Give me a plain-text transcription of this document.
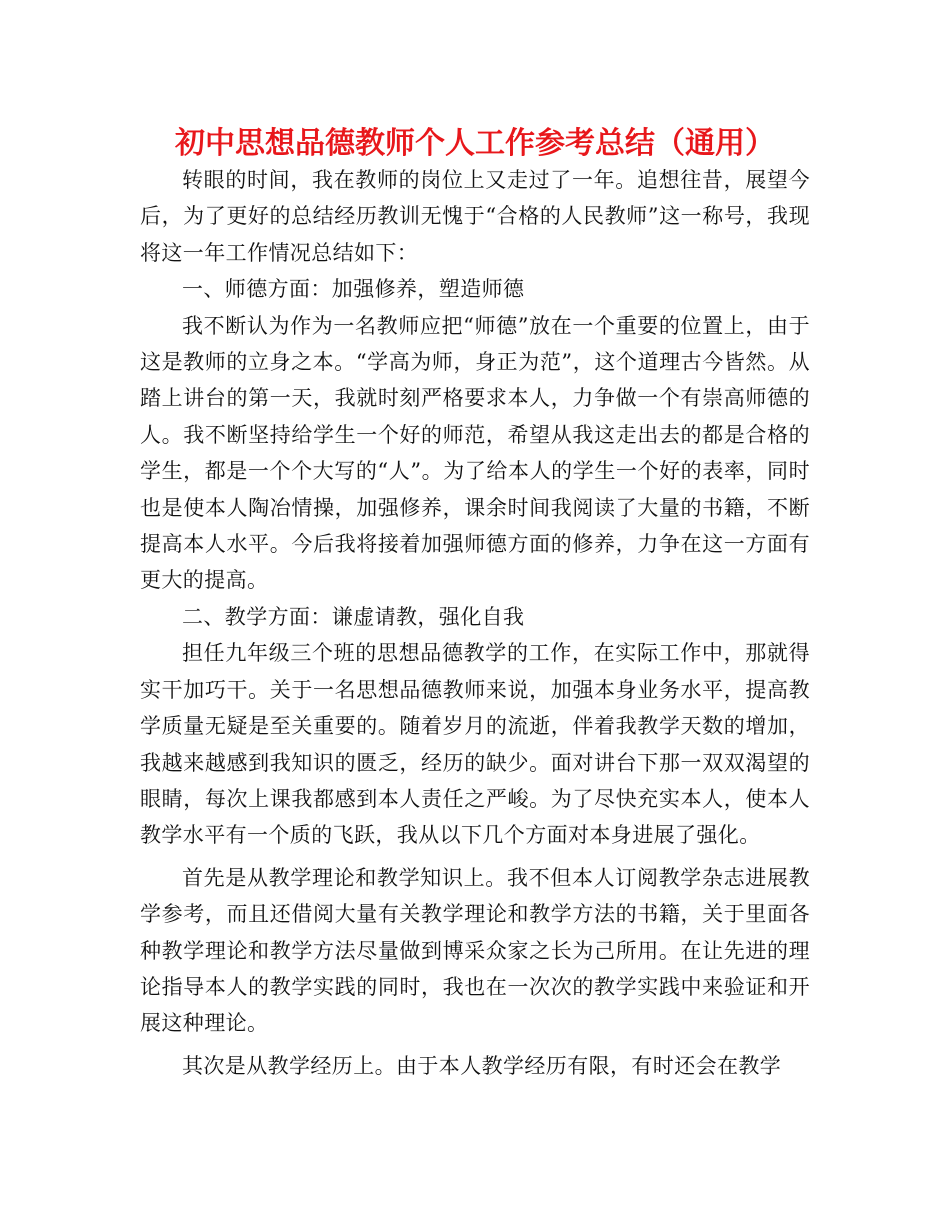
初中思想品德教师个人工作参考总结（通用）

转眼的时间，我在教师的岗位上又走过了一年。追想往昔，展望今后，为了更好的总结经历教训无愧于“合格的人民教师”这一称号，我现将这一年工作情况总结如下：

一、师德方面：加强修养，塑造师德

我不断认为作为一名教师应把“师德”放在一个重要的位置上，由于这是教师的立身之本。“学高为师，身正为范”，这个道理古今皆然。从踏上讲台的第一天，我就时刻严格要求本人，力争做一个有崇高师德的人。我不断坚持给学生一个好的师范，希望从我这走出去的都是合格的学生，都是一个个大写的“人”。为了给本人的学生一个好的表率，同时也是使本人陶冶情操，加强修养，课余时间我阅读了大量的书籍，不断提高本人水平。今后我将接着加强师德方面的修养，力争在这一方面有更大的提高。

二、教学方面：谦虚请教，强化自我

担任九年级三个班的思想品德教学的工作，在实际工作中，那就得实干加巧干。关于一名思想品德教师来说，加强本身业务水平，提高教学质量无疑是至关重要的。随着岁月的流逝，伴着我教学天数的增加，我越来越感到我知识的匮乏，经历的缺少。面对讲台下那一双双渴望的眼睛，每次上课我都感到本人责任之严峻。为了尽快充实本人，使本人教学水平有一个质的飞跃，我从以下几个方面对本身进展了强化。

首先是从教学理论和教学知识上。我不但本人订阅教学杂志进展教学参考，而且还借阅大量有关教学理论和教学方法的书籍，关于里面各种教学理论和教学方法尽量做到博采众家之长为己所用。在让先进的理论指导本人的教学实践的同时，我也在一次次的教学实践中来验证和开展这种理论。

其次是从教学经历上。由于本人教学经历有限，有时还会在教学
